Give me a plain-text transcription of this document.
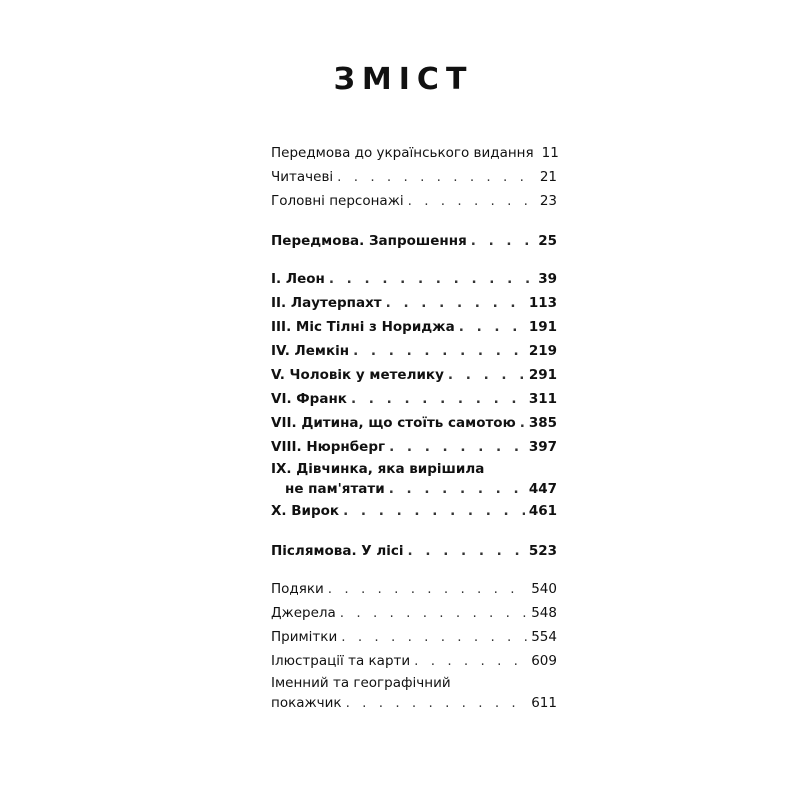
ЗМІСТ
Передмова до українського видання 11
Читачеві . . .	21
Головні персонажі . . .	23
Передмова. Запрошення . . .	25
I. Леон . . .	39
II. Лаутерпахт . . .	113
III. Міс Тілні з Нориджа . . .	191
IV. Лемкін . . .	219
V. Чоловік у метелику . . .	291
VI. Франк . . .	311
VII. Дитина, що стоїть самотою . . . 385
VIII. Нюрнберг . . .	397
IX. Дівчинка, яка вирішила
не пам'ятати . . .	447
X. Вирок . . .	461
Післямова. У лісі . . .	523
Подяки . . .	540
Джерела . . .	548
Примітки . . .	554
Ілюстрації та карти . . .	609
Іменний та географічний
покажчик . . .	611
